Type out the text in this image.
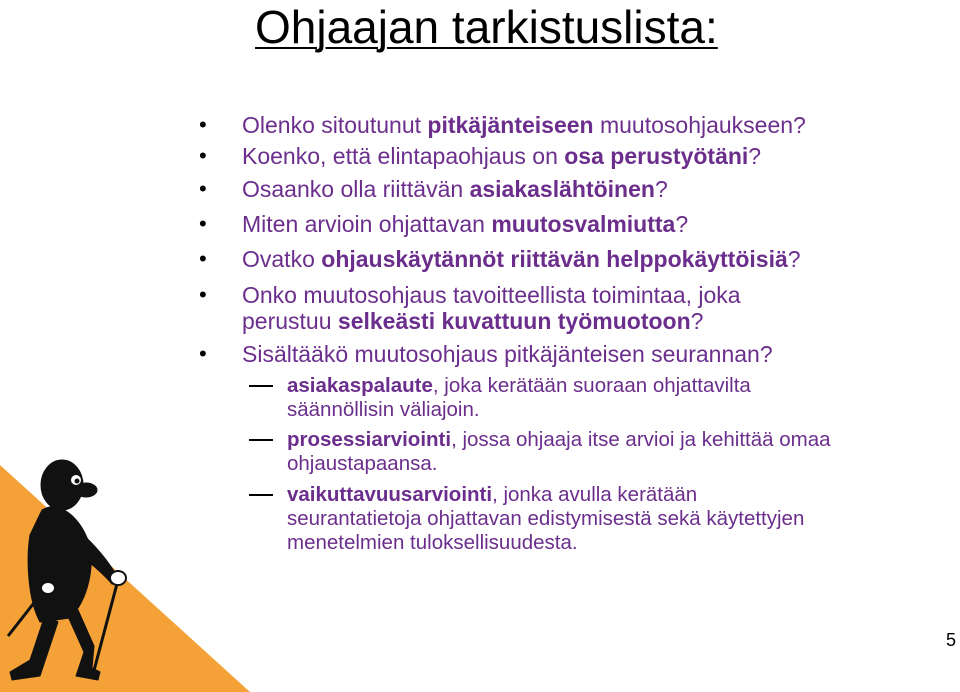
Ohjaajan tarkistuslista:
• Olenko sitoutunut pitkäjänteiseen muutosohjaukseen?
• Koenko, että elintapaohjaus on osa perustyötäni?
• Osaanko olla riittävän asiakaslähtöinen?
• Miten arvioin ohjattavan muutosvalmiutta?
• Ovatko ohjauskäytännöt riittävän helppokäyttöisiä?
• Onko muutosohjaus tavoitteellista toimintaa, joka
perustuu selkeästi kuvattuun työmuotoon?
• Sisältääkö muutosohjaus pitkäjänteisen seurannan?
asiakaspalaute, joka kerätään suoraan ohjattavilta
säännöllisin väliajoin.
prosessiarviointi, jossa ohjaaja itse arvioi ja kehittää omaa
ohjaustapaansa.
vaikuttavuusarviointi, jonka avulla kerätään
seurantatietoja ohjattavan edistymisestä sekä käytettyjen
menetelmien tuloksellisuudesta.
5
